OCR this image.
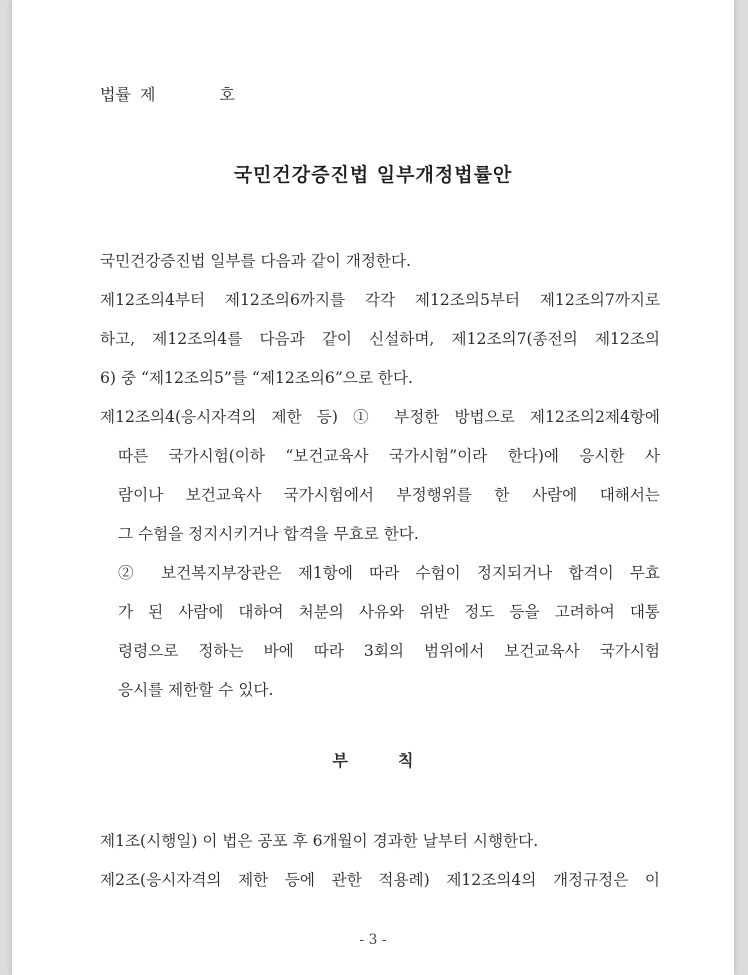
법률 제	호
국민건강증진법 일부개정법률안

국민건강증진법 일부를 다음과 같이 개정한다.

제12조의4부터 제12조의6까지를 각각 제12조의5부터 제12조의7까지로

하고, 제12조의4를 다음과 같이 신설하며, 제12조의7(종전의 제12조의

6) 중 “제12조의5”를 “제12조의6”으로 한다.

제12조의4(응시자격의 제한 등) ① 부정한 방법으로 제12조의2제4항에

따른 국가시험(이하 “보건교육사 국가시험”이라 한다)에 응시한 사

람이나 보건교육사 국가시험에서 부정행위를 한 사람에 대해서는

그 수험을 정지시키거나 합격을 무효로 한다.

② 보건복지부장관은 제1항에 따라 수험이 정지되거나 합격이 무효

가 된 사람에 대하여 처분의 사유와 위반 정도 등을 고려하여 대통

령령으로 정하는 바에 따라 3회의 범위에서 보건교육사 국가시험

응시를 제한할 수 있다.

부	칙

제1조(시행일) 이 법은 공포 후 6개월이 경과한 날부터 시행한다.

제2조(응시자격의 제한 등에 관한 적용례) 제12조의4의 개정규정은 이

- 3 -
